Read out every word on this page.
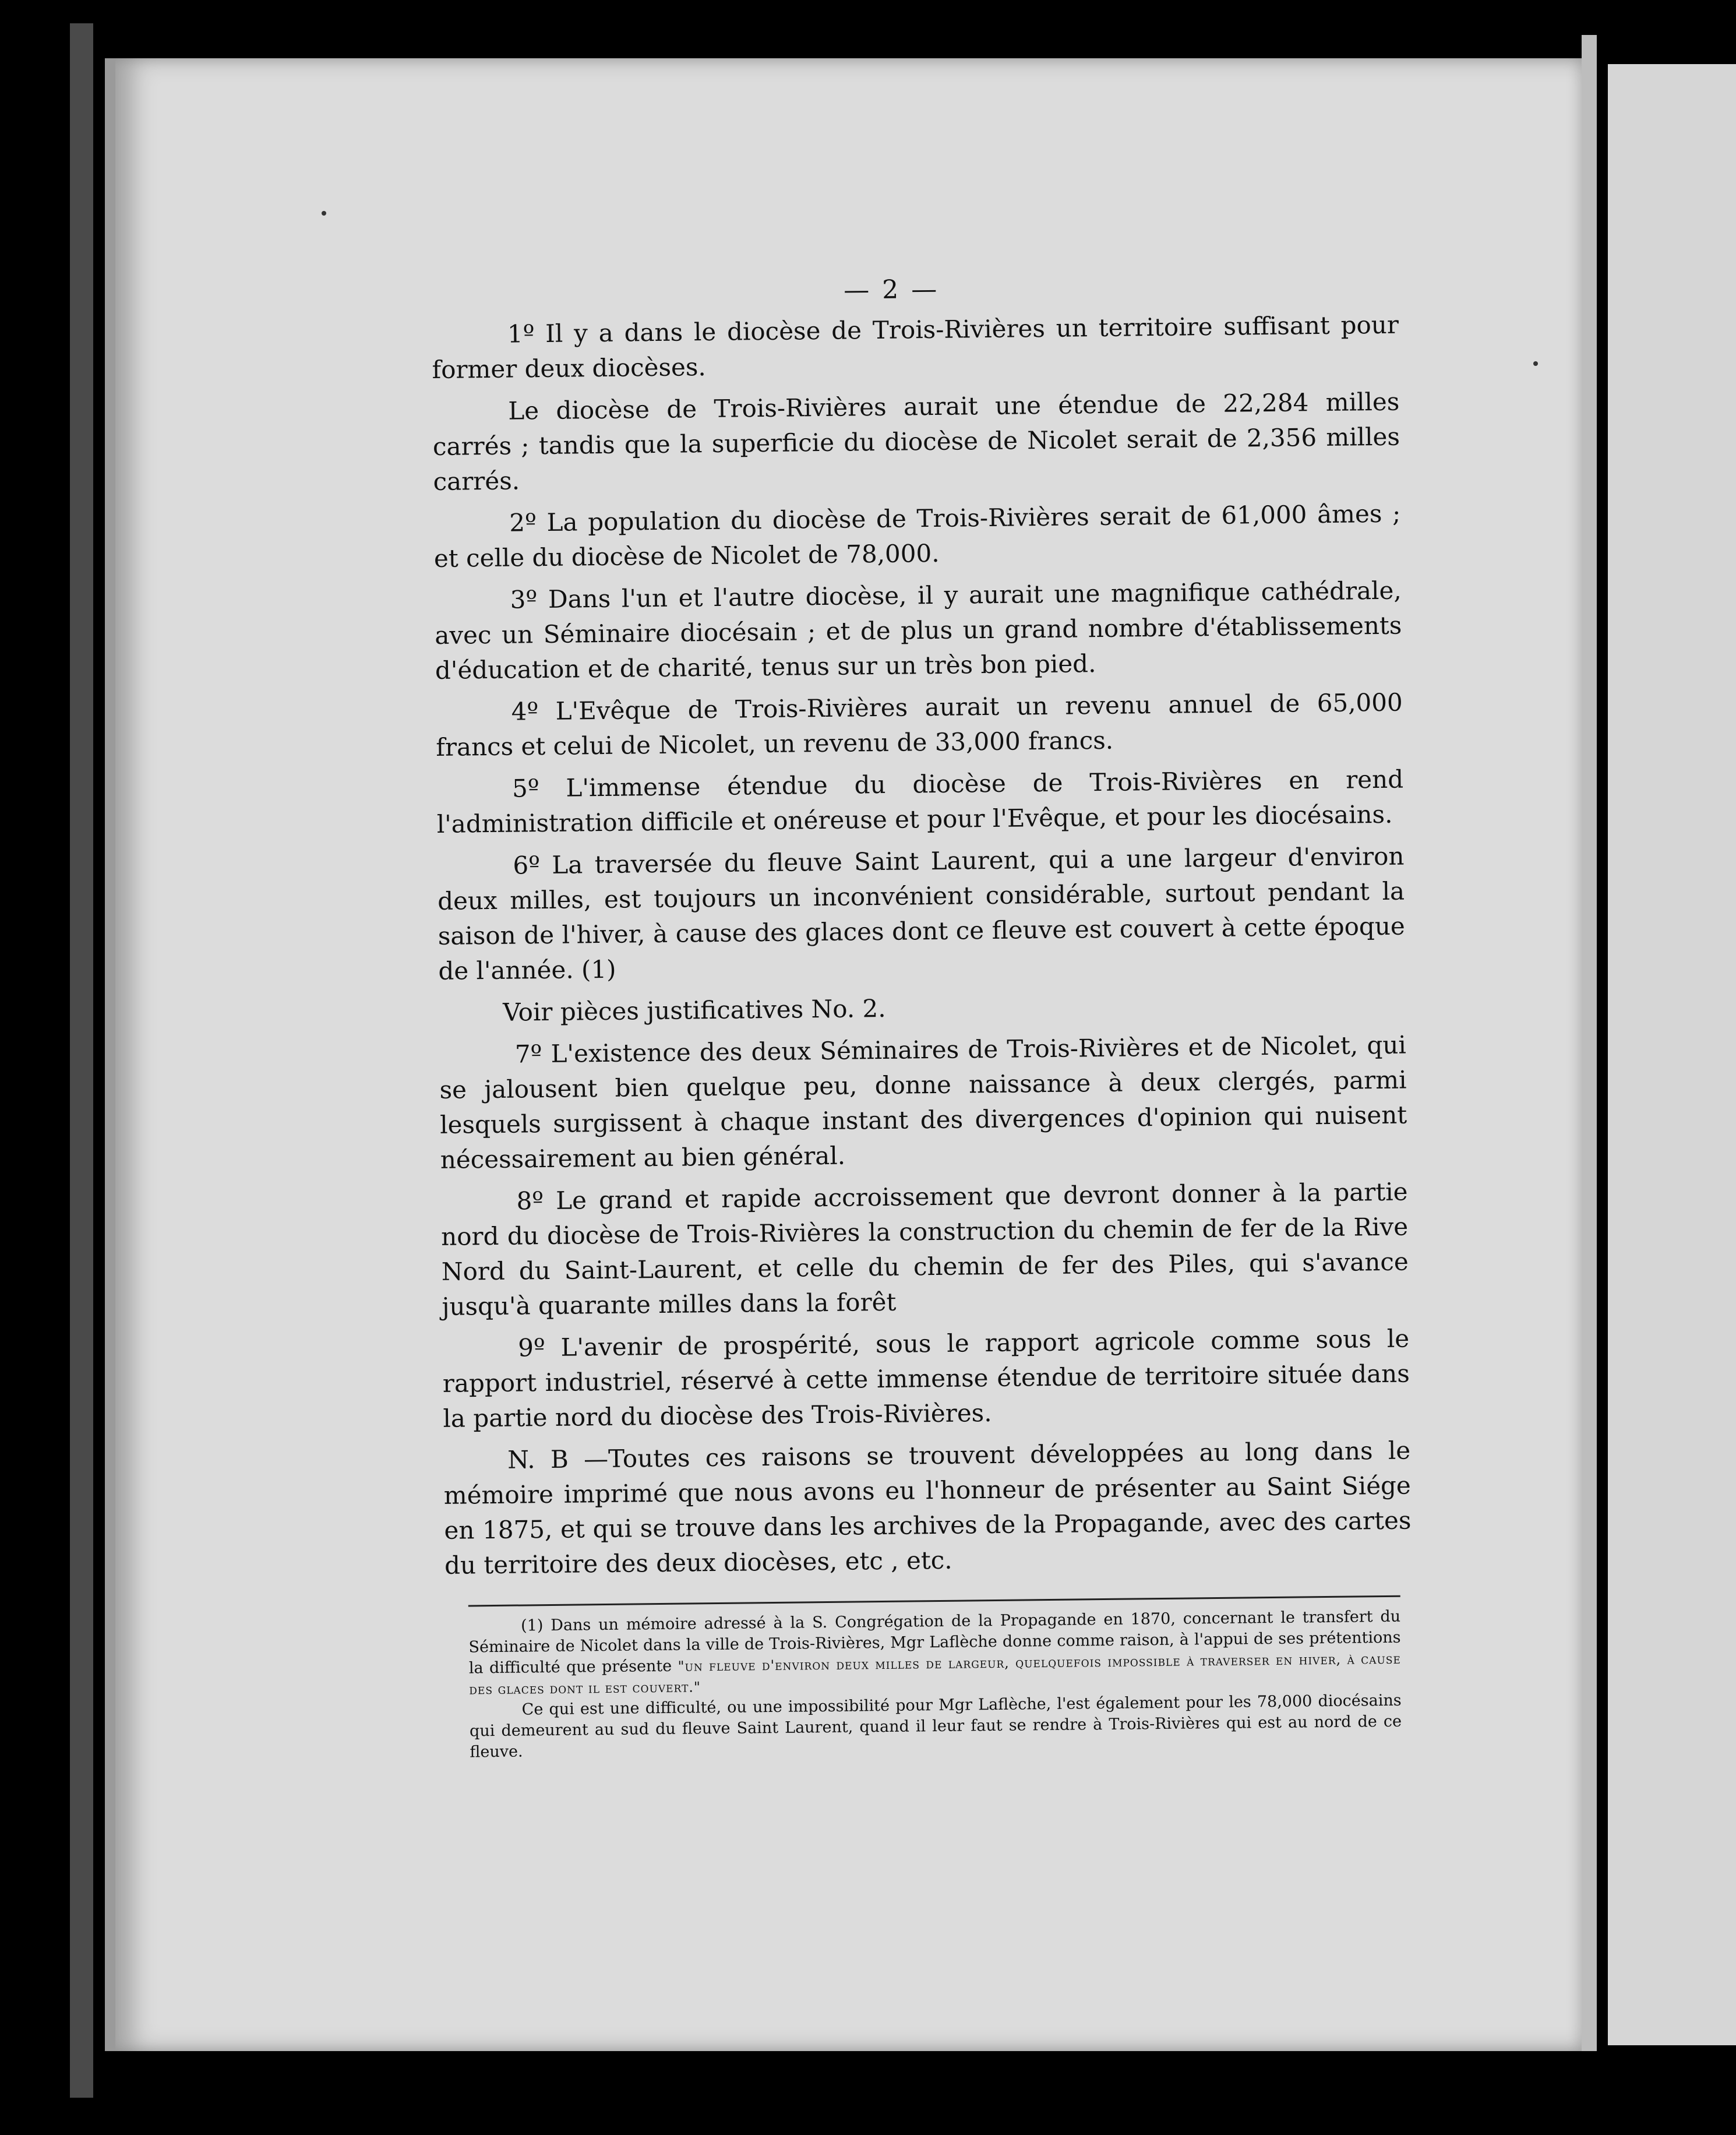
— 2 —

1º Il y a dans le diocèse de Trois-Rivières un territoire suffisant pour former deux diocèses.

Le diocèse de Trois-Rivières aurait une étendue de 22,284 milles carrés ; tandis que la superficie du diocèse de Nicolet serait de 2,356 milles carrés.

2º La population du diocèse de Trois-Rivières serait de 61,000 âmes ; et celle du diocèse de Nicolet de 78,000.

3º Dans l'un et l'autre diocèse, il y aurait une magnifique cathédrale, avec un Séminaire diocésain ; et de plus un grand nombre d'établissements d'éducation et de charité, tenus sur un très bon pied.

4º L'Evêque de Trois-Rivières aurait un revenu annuel de 65,000 francs et celui de Nicolet, un revenu de 33,000 francs.

5º L'immense étendue du diocèse de Trois-Rivières en rend l'administration difficile et onéreuse et pour l'Evêque, et pour les diocésains.

6º La traversée du fleuve Saint Laurent, qui a une largeur d'environ deux milles, est toujours un inconvénient considérable, surtout pendant la saison de l'hiver, à cause des glaces dont ce fleuve est couvert à cette époque de l'année. (1)

Voir pièces justificatives No. 2.

7º L'existence des deux Séminaires de Trois-Rivières et de Nicolet, qui se jalousent bien quelque peu, donne naissance à deux clergés, parmi lesquels surgissent à chaque instant des divergences d'opinion qui nuisent nécessairement au bien général.

8º Le grand et rapide accroissement que devront donner à la partie nord du diocèse de Trois-Rivières la construction du chemin de fer de la Rive Nord du Saint-Laurent, et celle du chemin de fer des Piles, qui s'avance jusqu'à quarante milles dans la forêt

9º L'avenir de prospérité, sous le rapport agricole comme sous le rapport industriel, réservé à cette immense étendue de territoire située dans la partie nord du diocèse des Trois-Rivières.

N. B —Toutes ces raisons se trouvent développées au long dans le mémoire imprimé que nous avons eu l'honneur de présenter au Saint Siége en 1875, et qui se trouve dans les archives de la Propagande, avec des cartes du territoire des deux diocèses, etc , etc.

(1) Dans un mémoire adressé à la S. Congrégation de la Propagande en 1870, concernant le transfert du Séminaire de Nicolet dans la ville de Trois-Rivières, Mgr Laflèche donne comme raison, à l'appui de ses prétentions la difficulté que présente "un fleuve d'environ deux milles de largeur, quelquefois impossible à traverser en hiver, à cause des glaces dont il est couvert."

Ce qui est une difficulté, ou une impossibilité pour Mgr Laflèche, l'est également pour les 78,000 diocésains qui demeurent au sud du fleuve Saint Laurent, quand il leur faut se rendre à Trois-Rivières qui est au nord de ce fleuve.
